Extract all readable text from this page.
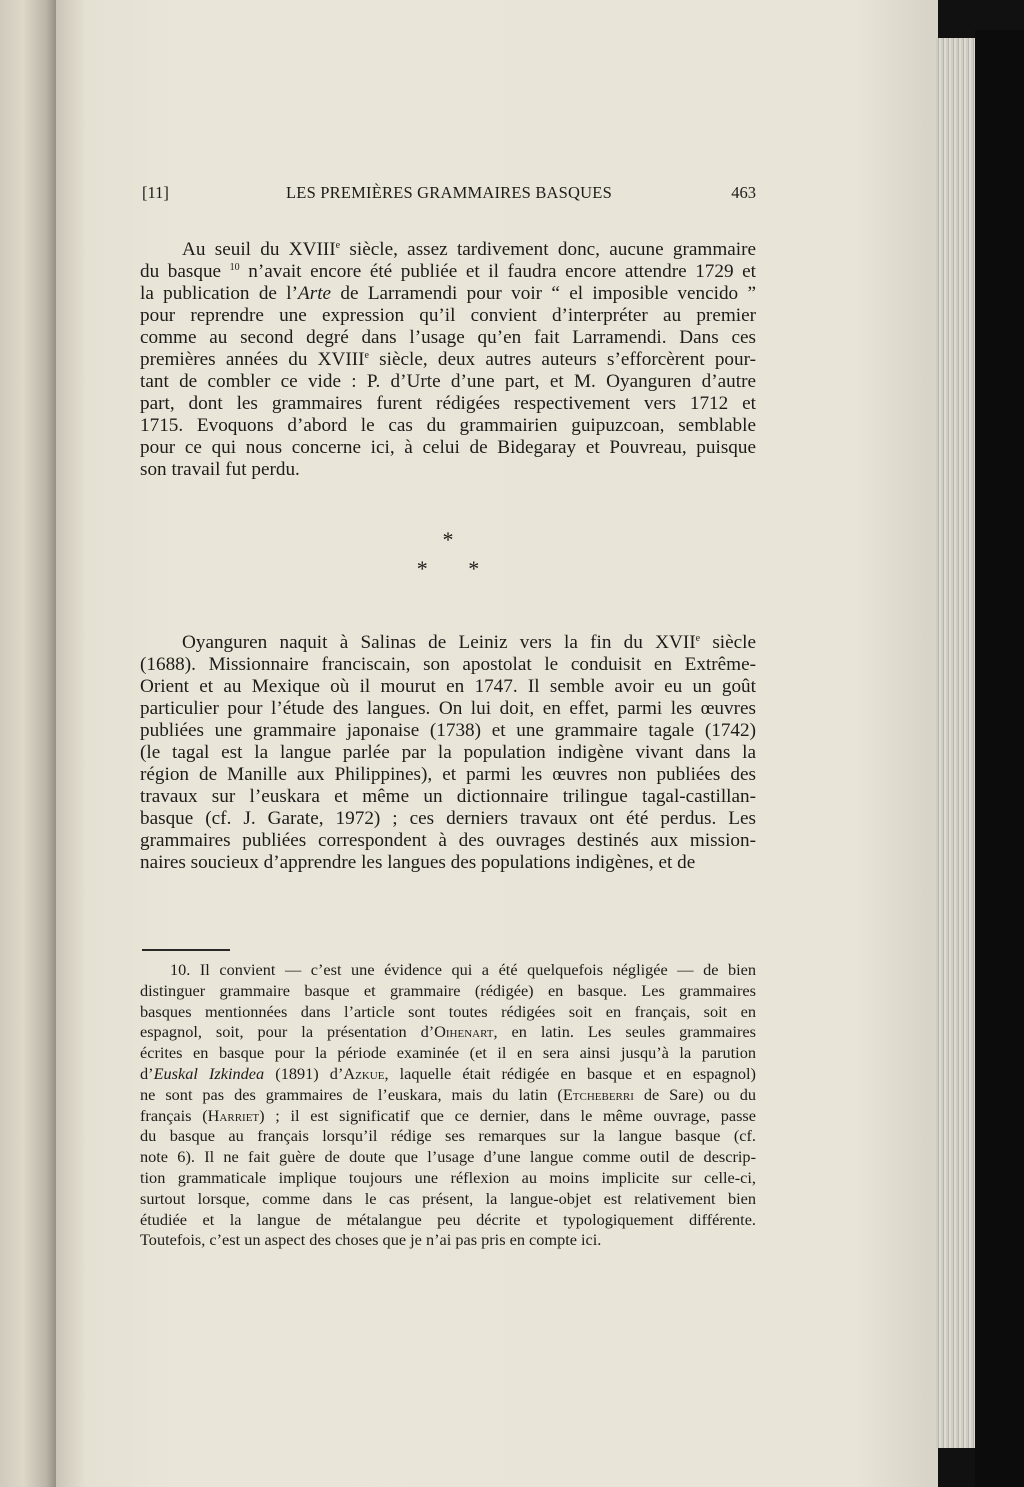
[11]	LES PREMIÈRES GRAMMAIRES BASQUES	463
Au seuil du XVIIIe siècle, assez tardivement donc, aucune grammaire
du basque $^{10}$ n’avait encore été publiée et il faudra encore attendre 1729 et
la publication de l’Arte de Larramendi pour voir “ el imposible vencido ”
pour reprendre une expression qu’il convient d’interpréter au premier
comme au second degré dans l’usage qu’en fait Larramendi. Dans ces
premières années du XVIIIe siècle, deux autres auteurs s’efforcèrent pour-
tant de combler ce vide : P. d’Urte d’une part, et M. Oyanguren d’autre
part, dont les grammaires furent rédigées respectivement vers 1712 et
1715. Evoquons d’abord le cas du grammairien guipuzcoan, semblable
pour ce qui nous concerne ici, à celui de Bidegaray et Pouvreau, puisque
son travail fut perdu.
*
*   *
Oyanguren naquit à Salinas de Leiniz vers la fin du XVIIe siècle
(1688). Missionnaire franciscain, son apostolat le conduisit en Extrême-
Orient et au Mexique où il mourut en 1747. Il semble avoir eu un goût
particulier pour l’étude des langues. On lui doit, en effet, parmi les œuvres
publiées une grammaire japonaise (1738) et une grammaire tagale (1742)
(le tagal est la langue parlée par la population indigène vivant dans la
région de Manille aux Philippines), et parmi les œuvres non publiées des
travaux sur l’euskara et même un dictionnaire trilingue tagal-castillan-
basque (cf. J. Garate, 1972) ; ces derniers travaux ont été perdus. Les
grammaires publiées correspondent à des ouvrages destinés aux mission-
naires soucieux d’apprendre les langues des populations indigènes, et de
10. Il convient — c’est une évidence qui a été quelquefois négligée — de bien
distinguer grammaire basque et grammaire (rédigée) en basque. Les grammaires
basques mentionnées dans l’article sont toutes rédigées soit en français, soit en
espagnol, soit, pour la présentation d’Oihenart, en latin. Les seules grammaires
écrites en basque pour la période examinée (et il en sera ainsi jusqu’à la parution
d’Euskal Izkindea (1891) d’Azkue, laquelle était rédigée en basque et en espagnol)
ne sont pas des grammaires de l’euskara, mais du latin (Etcheberri de Sare) ou du
français (Harriet) ; il est significatif que ce dernier, dans le même ouvrage, passe
du basque au français lorsqu’il rédige ses remarques sur la langue basque (cf.
note 6). Il ne fait guère de doute que l’usage d’une langue comme outil de descrip-
tion grammaticale implique toujours une réflexion au moins implicite sur celle-ci,
surtout lorsque, comme dans le cas présent, la langue-objet est relativement bien
étudiée et la langue de métalangue peu décrite et typologiquement différente.
Toutefois, c’est un aspect des choses que je n’ai pas pris en compte ici.
